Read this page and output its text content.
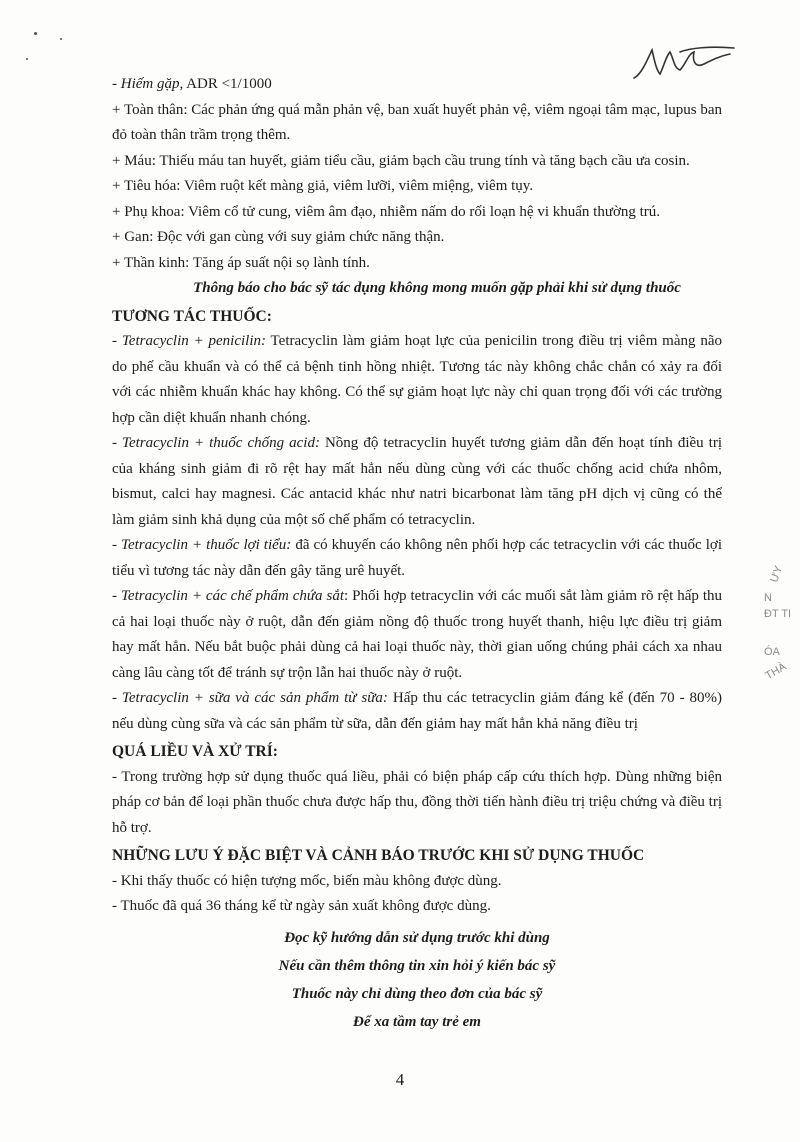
ƯY
N
ĐT TI
ÓA
THÀ

- Hiếm gặp, ADR <1/1000

+ Toàn thân: Các phản ứng quá mẫn phản vệ, ban xuất huyết phản vệ, viêm ngoại tâm mạc, lupus ban đỏ toàn thân trầm trọng thêm.

+ Máu: Thiếu máu tan huyết, giảm tiểu cầu, giảm bạch cầu trung tính và tăng bạch cầu ưa cosin.

+ Tiêu hóa: Viêm ruột kết màng giả, viêm lưỡi, viêm miệng, viêm tụy.

+ Phụ khoa: Viêm cổ tử cung, viêm âm đạo, nhiễm nấm do rối loạn hệ vi khuẩn thường trú.

+ Gan: Độc với gan cùng với suy giảm chức năng thận.

+ Thần kinh: Tăng áp suất nội sọ lành tính.

Thông báo cho bác sỹ tác dụng không mong muốn gặp phải khi sử dụng thuốc

TƯƠNG TÁC THUỐC:

- Tetracyclin + penicilin: Tetracyclin làm giảm hoạt lực của penicilin trong điều trị viêm màng não do phế cầu khuẩn và có thể cả bệnh tinh hồng nhiệt. Tương tác này không chắc chắn có xảy ra đối với các nhiễm khuẩn khác hay không. Có thể sự giảm hoạt lực này chỉ quan trọng đối với các trường hợp cần diệt khuẩn nhanh chóng.

- Tetracyclin + thuốc chống acid: Nồng độ tetracyclin huyết tương giảm dẫn đến hoạt tính điều trị của kháng sinh giảm đi rõ rệt hay mất hẳn nếu dùng cùng với các thuốc chống acid chứa nhôm, bismut, calci hay magnesi. Các antacid khác như natri bicarbonat làm tăng pH dịch vị cũng có thể làm giảm sinh khả dụng của một số chế phẩm có tetracyclin.

- Tetracyclin + thuốc lợi tiểu: đã có khuyến cáo không nên phối hợp các tetracyclin với các thuốc lợi tiểu vì tương tác này dẫn đến gây tăng urê huyết.

- Tetracyclin + các chế phẩm chứa sắt: Phối hợp tetracyclin với các muối sắt làm giảm rõ rệt hấp thu cả hai loại thuốc này ở ruột, dẫn đến giảm nồng độ thuốc trong huyết thanh, hiệu lực điều trị giảm hay mất hẳn. Nếu bắt buộc phải dùng cả hai loại thuốc này, thời gian uống chúng phải cách xa nhau càng lâu càng tốt để tránh sự trộn lẫn hai thuốc này ở ruột.

- Tetracyclin + sữa và các sản phẩm từ sữa: Hấp thu các tetracyclin giảm đáng kể (đến 70 - 80%) nếu dùng cùng sữa và các sản phẩm từ sữa, dẫn đến giảm hay mất hẳn khả năng điều trị

QUÁ LIỀU VÀ XỬ TRÍ:

- Trong trường hợp sử dụng thuốc quá liều, phải có biện pháp cấp cứu thích hợp. Dùng những biện pháp cơ bản để loại phần thuốc chưa được hấp thu, đồng thời tiến hành điều trị triệu chứng và điều trị hỗ trợ.

NHỮNG LƯU Ý ĐẶC BIỆT VÀ CẢNH BÁO TRƯỚC KHI SỬ DỤNG THUỐC

- Khi thấy thuốc có hiện tượng mốc, biến màu không được dùng.

- Thuốc đã quá 36 tháng kể từ ngày sản xuất không được dùng.

Đọc kỹ hướng dẫn sử dụng trước khi dùng
Nếu cần thêm thông tin xin hỏi ý kiến bác sỹ
Thuốc này chỉ dùng theo đơn của bác sỹ
Để xa tầm tay trẻ em
4
